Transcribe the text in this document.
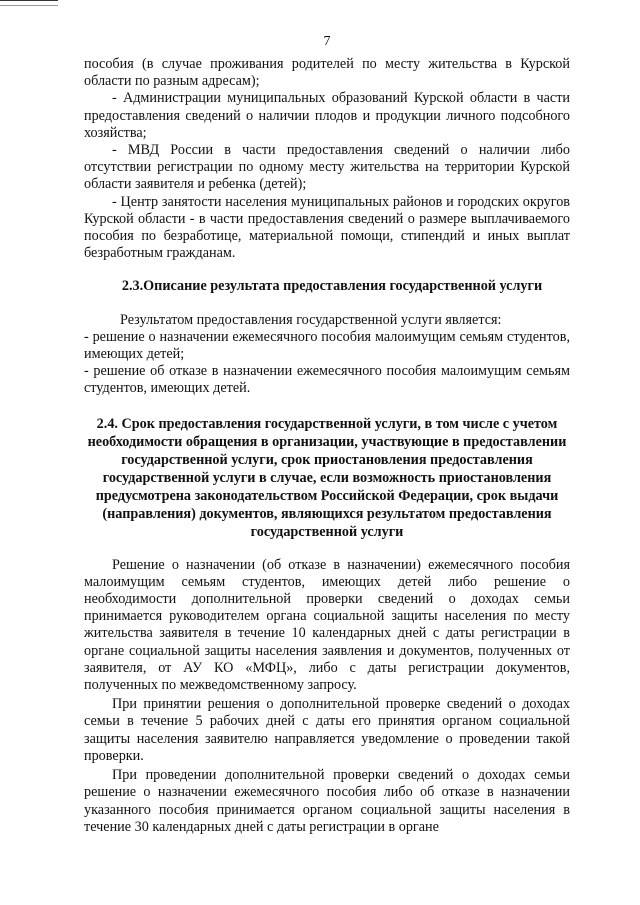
7

пособия (в случае проживания родителей по месту жительства в Курской области по разным адресам);

- Администрации муниципальных образований Курской области в части предоставления сведений о наличии плодов и продукции личного подсобного хозяйства;

- МВД России в части предоставления сведений о наличии либо отсутствии регистрации по одному месту жительства на территории Курской области заявителя и ребенка (детей);

- Центр занятости населения муниципальных районов и городских округов Курской области - в части предоставления сведений о размере выплачиваемого пособия по безработице, материальной помощи, стипендий и иных выплат безработным гражданам.

2.3.Описание результата предоставления государственной услуги

Результатом предоставления государственной услуги является:

- решение о назначении ежемесячного пособия малоимущим семьям студентов, имеющих детей;

- решение об отказе в назначении ежемесячного пособия малоимущим семьям студентов, имеющих детей.

2.4. Срок предоставления государственной услуги, в том числе с учетом необходимости обращения в организации, участвующие в предоставлении государственной услуги, срок приостановления предоставления государственной услуги в случае, если возможность приостановления предусмотрена законодательством Российской Федерации, срок выдачи (направления) документов, являющихся результатом предоставления государственной услуги

Решение о назначении (об отказе в назначении) ежемесячного пособия малоимущим семьям студентов, имеющих детей либо решение о необходимости дополнительной проверки сведений о доходах семьи принимается руководителем органа социальной защиты населения по месту жительства заявителя в течение 10 календарных дней с даты регистрации в органе социальной защиты населения заявления и документов, полученных от заявителя, от АУ КО «МФЦ», либо с даты регистрации документов, полученных по межведомственному запросу.

При принятии решения о дополнительной проверке сведений о доходах семьи в течение 5 рабочих дней с даты его принятия органом социальной защиты населения заявителю направляется уведомление о проведении такой проверки.

При проведении дополнительной проверки сведений о доходах семьи решение о назначении ежемесячного пособия либо об отказе в назначении указанного пособия принимается органом социальной защиты населения в течение 30 календарных дней с даты регистрации в органе
